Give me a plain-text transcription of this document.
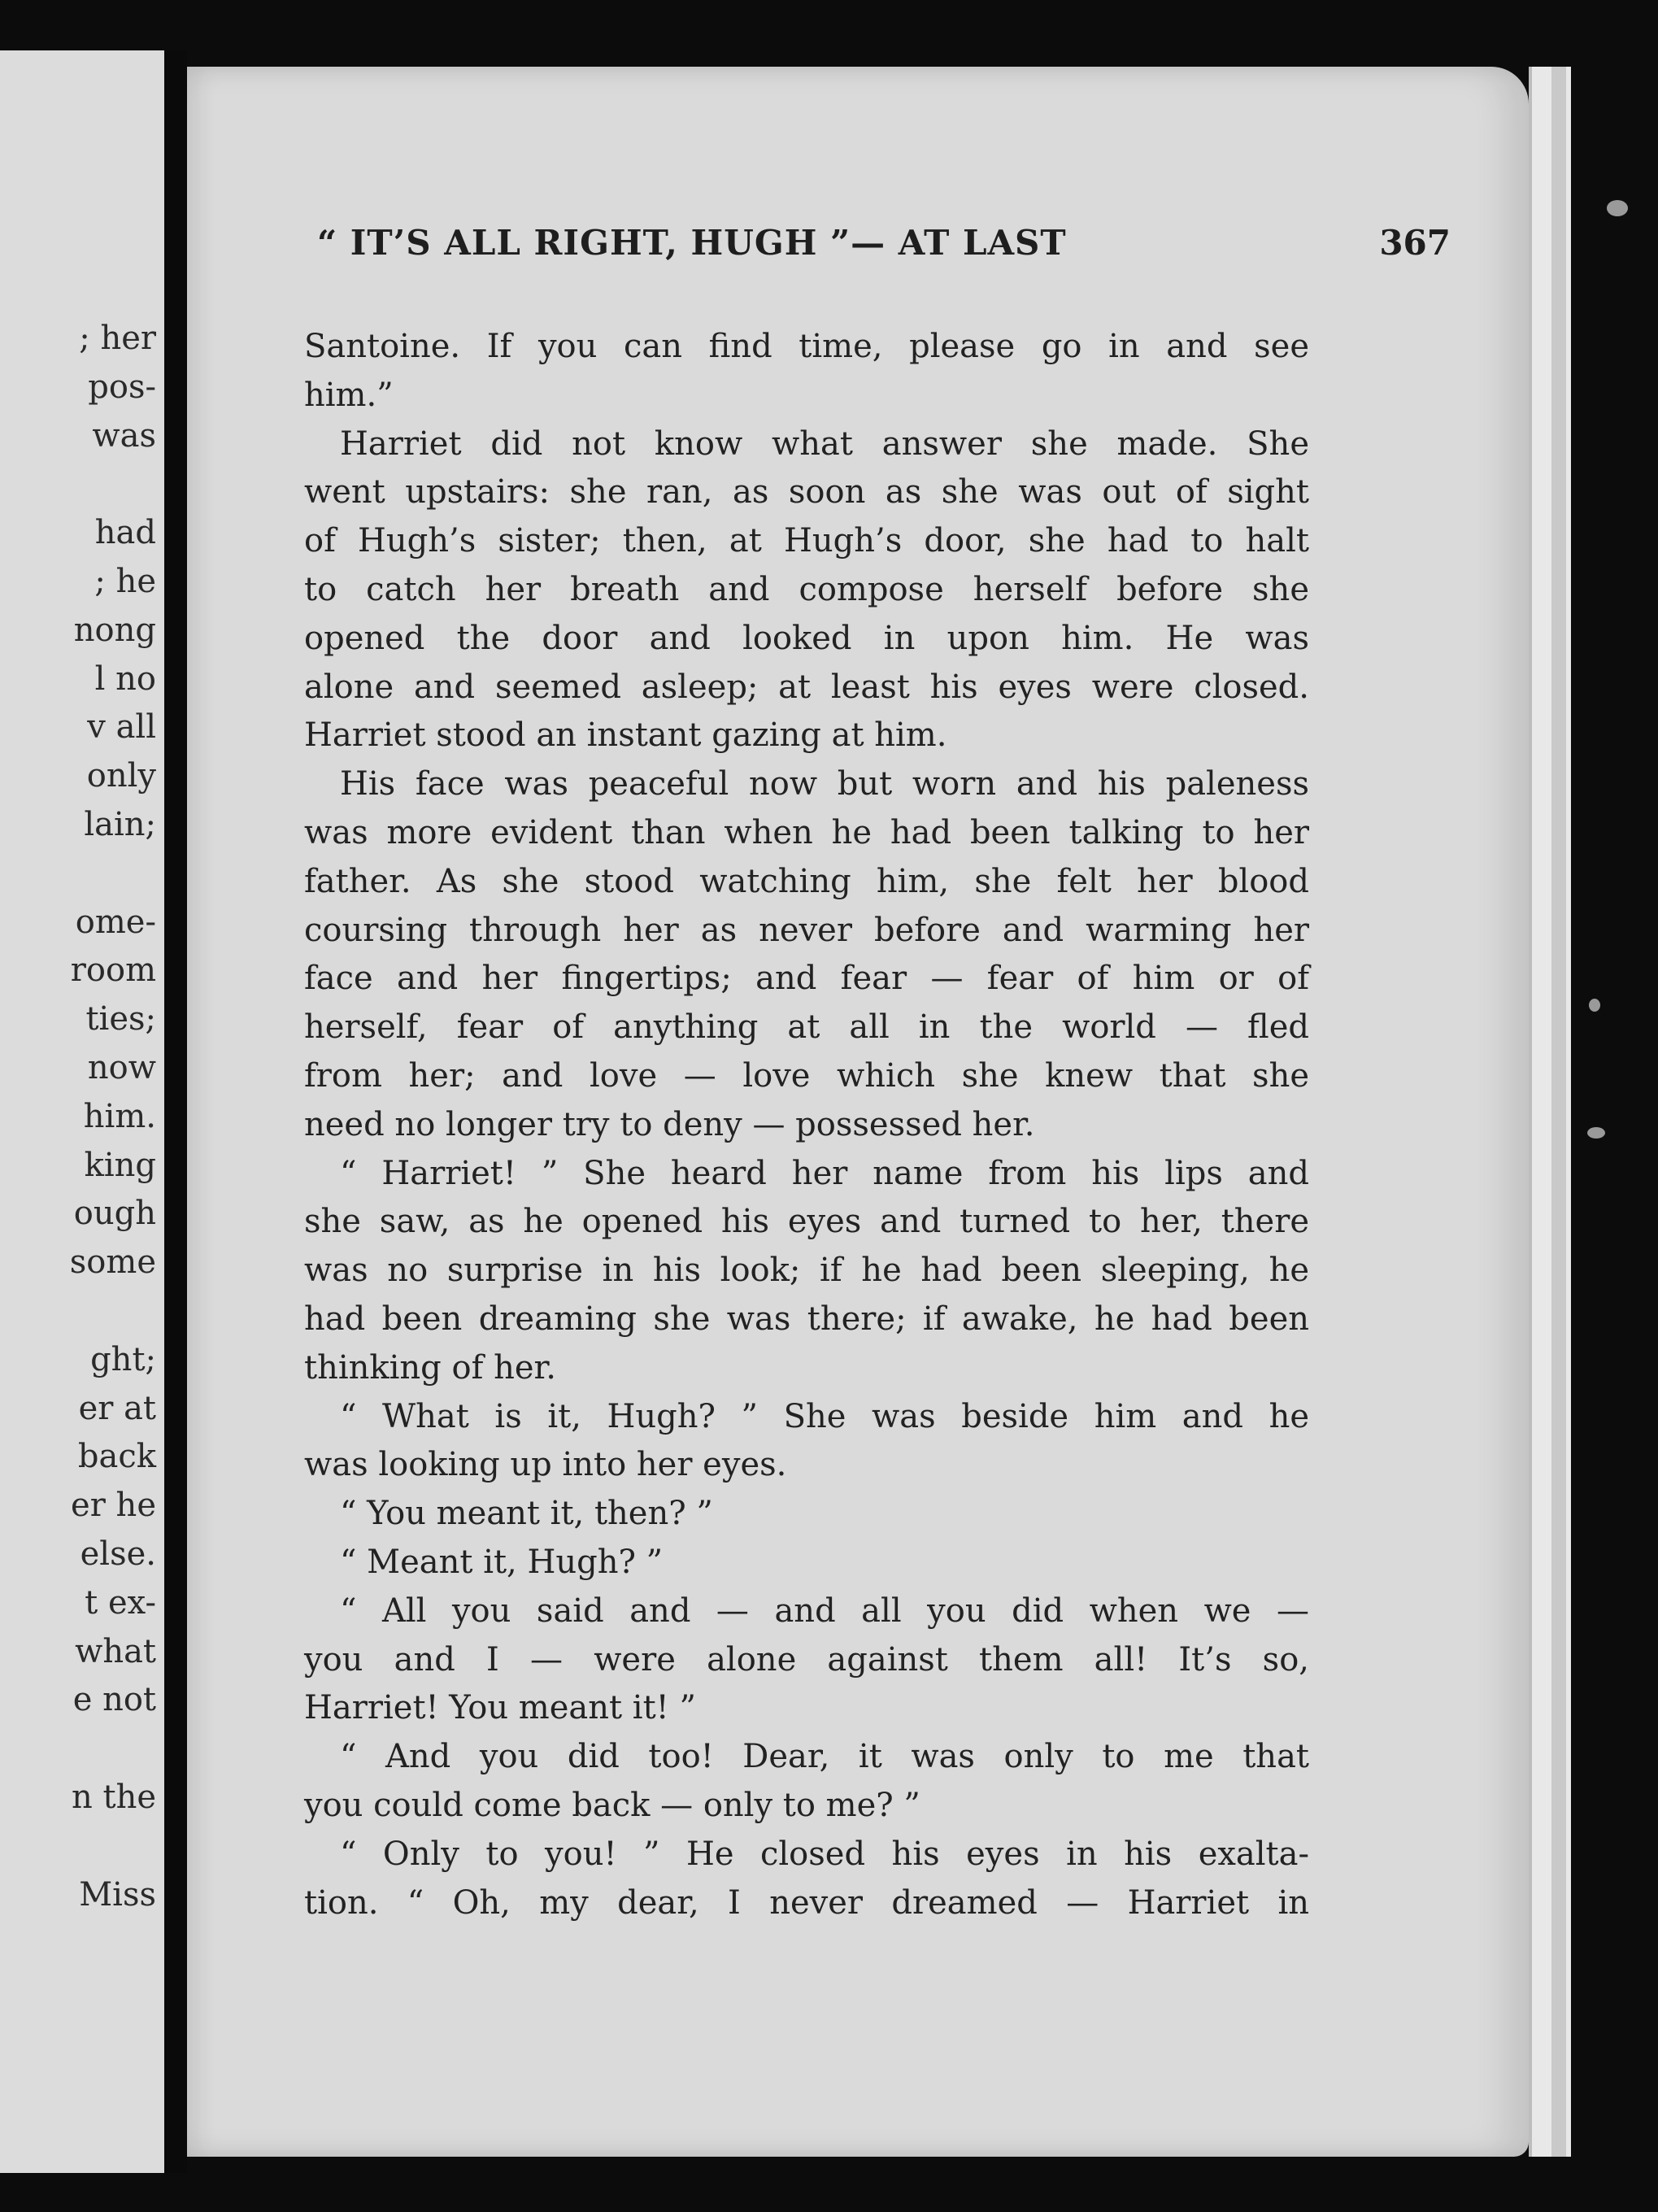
; her
pos-
was
had
; he
nong
l no
v all
only
lain;
ome-
room
ties;
now
him.
king
ough
some
ght;
er at
back
er he
else.
t ex-
what
e not
n the
Miss
“ IT’S ALL RIGHT, HUGH ”— AT LAST	367
Santoine. If you can find time, please go in and see
him.”
Harriet did not know what answer she made. She
went upstairs: she ran, as soon as she was out of sight
of Hugh’s sister; then, at Hugh’s door, she had to halt
to catch her breath and compose herself before she
opened the door and looked in upon him. He was
alone and seemed asleep; at least his eyes were closed.
Harriet stood an instant gazing at him.
His face was peaceful now but worn and his paleness
was more evident than when he had been talking to her
father. As she stood watching him, she felt her blood
coursing through her as never before and warming her
face and her fingertips; and fear — fear of him or of
herself, fear of anything at all in the world — fled
from her; and love — love which she knew that she
need no longer try to deny — possessed her.
“ Harriet! ” She heard her name from his lips and
she saw, as he opened his eyes and turned to her, there
was no surprise in his look; if he had been sleeping, he
had been dreaming she was there; if awake, he had been
thinking of her.
“ What is it, Hugh? ” She was beside him and he
was looking up into her eyes.
“ You meant it, then? ”
“ Meant it, Hugh? ”
“ All you said and — and all you did when we —
you and I — were alone against them all! It’s so,
Harriet! You meant it! ”
“ And you did too! Dear, it was only to me that
you could come back — only to me? ”
“ Only to you! ” He closed his eyes in his exalta-
tion. “ Oh, my dear, I never dreamed — Harriet in
